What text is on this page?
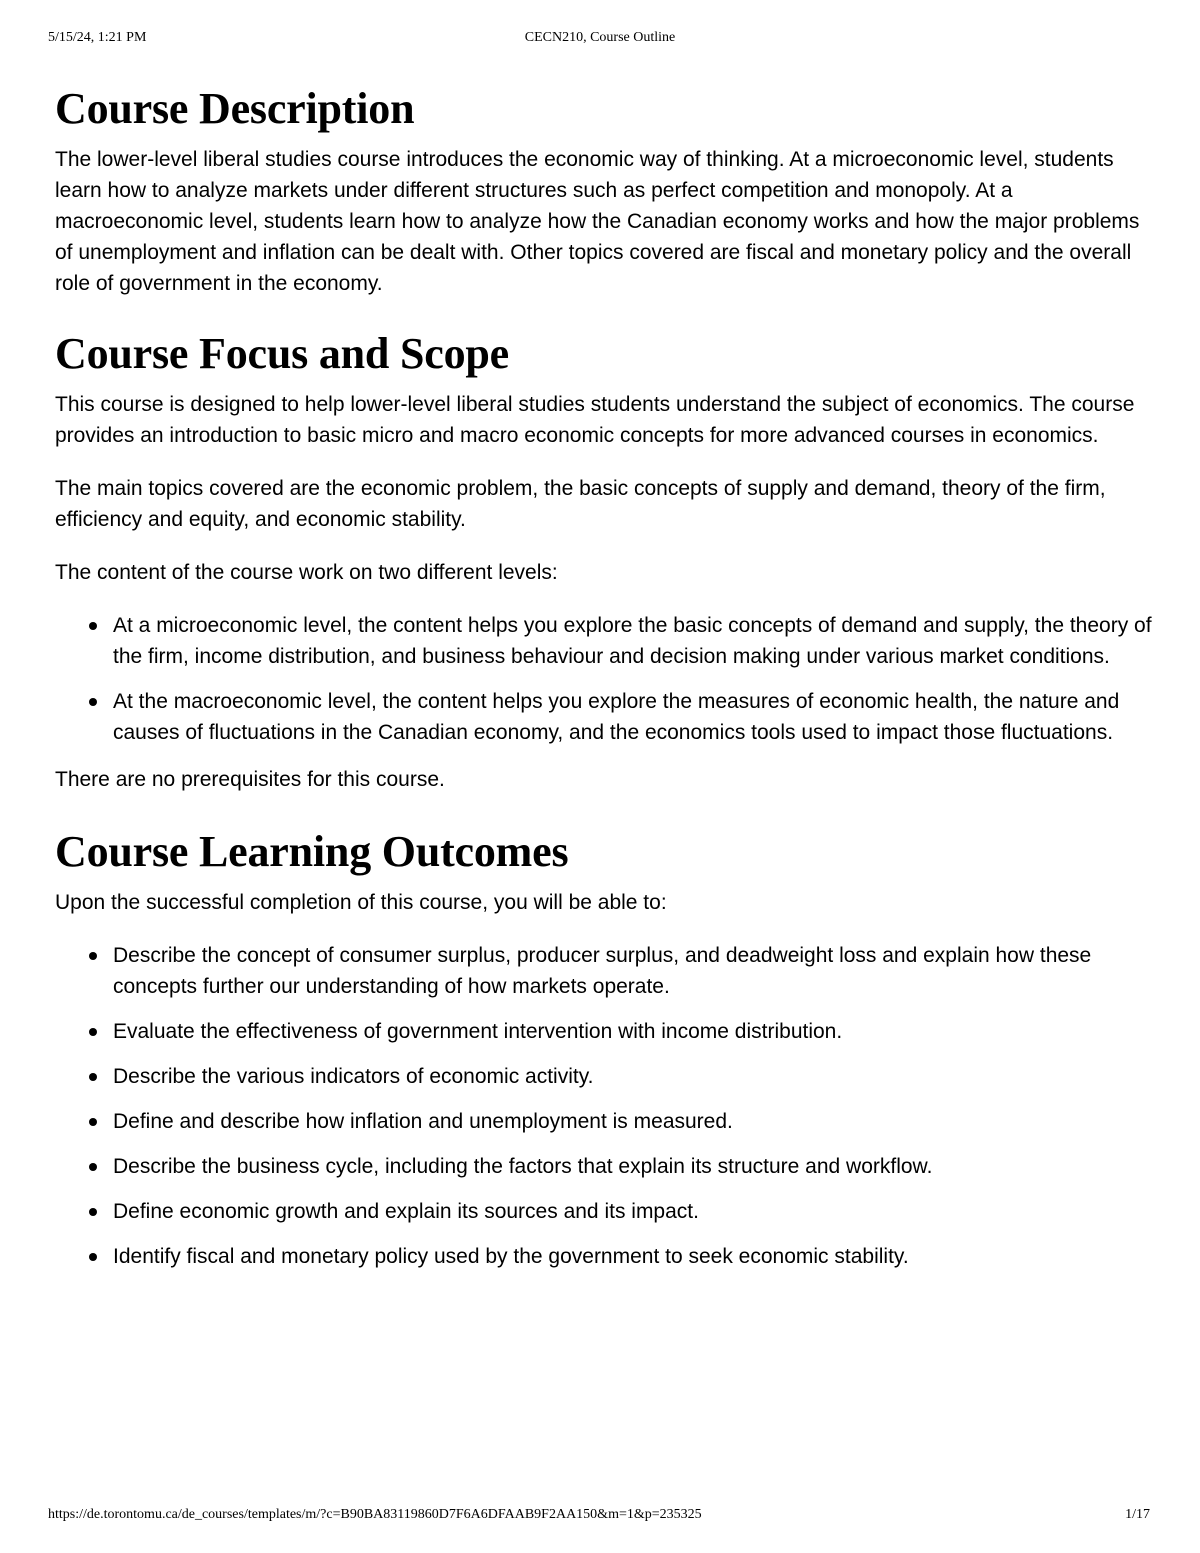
5/15/24, 1:21 PM	CECN210, Course Outline
Course Description

The lower-level liberal studies course introduces the economic way of thinking. At a microeconomic level, students learn how to analyze markets under different structures such as perfect competition and monopoly. At a macroeconomic level, students learn how to analyze how the Canadian economy works and how the major problems of unemployment and inflation can be dealt with. Other topics covered are fiscal and monetary policy and the overall role of government in the economy.

Course Focus and Scope

This course is designed to help lower-level liberal studies students understand the subject of economics. The course provides an introduction to basic micro and macro economic concepts for more advanced courses in economics.

The main topics covered are the economic problem, the basic concepts of supply and demand, theory of the firm, efficiency and equity, and economic stability.

The content of the course work on two different levels:

At a microeconomic level, the content helps you explore the basic concepts of demand and supply, the theory of the firm, income distribution, and business behaviour and decision making under various market conditions.
At the macroeconomic level, the content helps you explore the measures of economic health, the nature and causes of fluctuations in the Canadian economy, and the economics tools used to impact those fluctuations.

There are no prerequisites for this course.

Course Learning Outcomes

Upon the successful completion of this course, you will be able to:

Describe the concept of consumer surplus, producer surplus, and deadweight loss and explain how these concepts further our understanding of how markets operate.
Evaluate the effectiveness of government intervention with income distribution.
Describe the various indicators of economic activity.
Define and describe how inflation and unemployment is measured.
Describe the business cycle, including the factors that explain its structure and workflow.
Define economic growth and explain its sources and its impact.
Identify fiscal and monetary policy used by the government to seek economic stability.
https://de.torontomu.ca/de_courses/templates/m/?c=B90BA83119860D7F6A6DFAAB9F2AA150&m=1&p=235325	1/17
